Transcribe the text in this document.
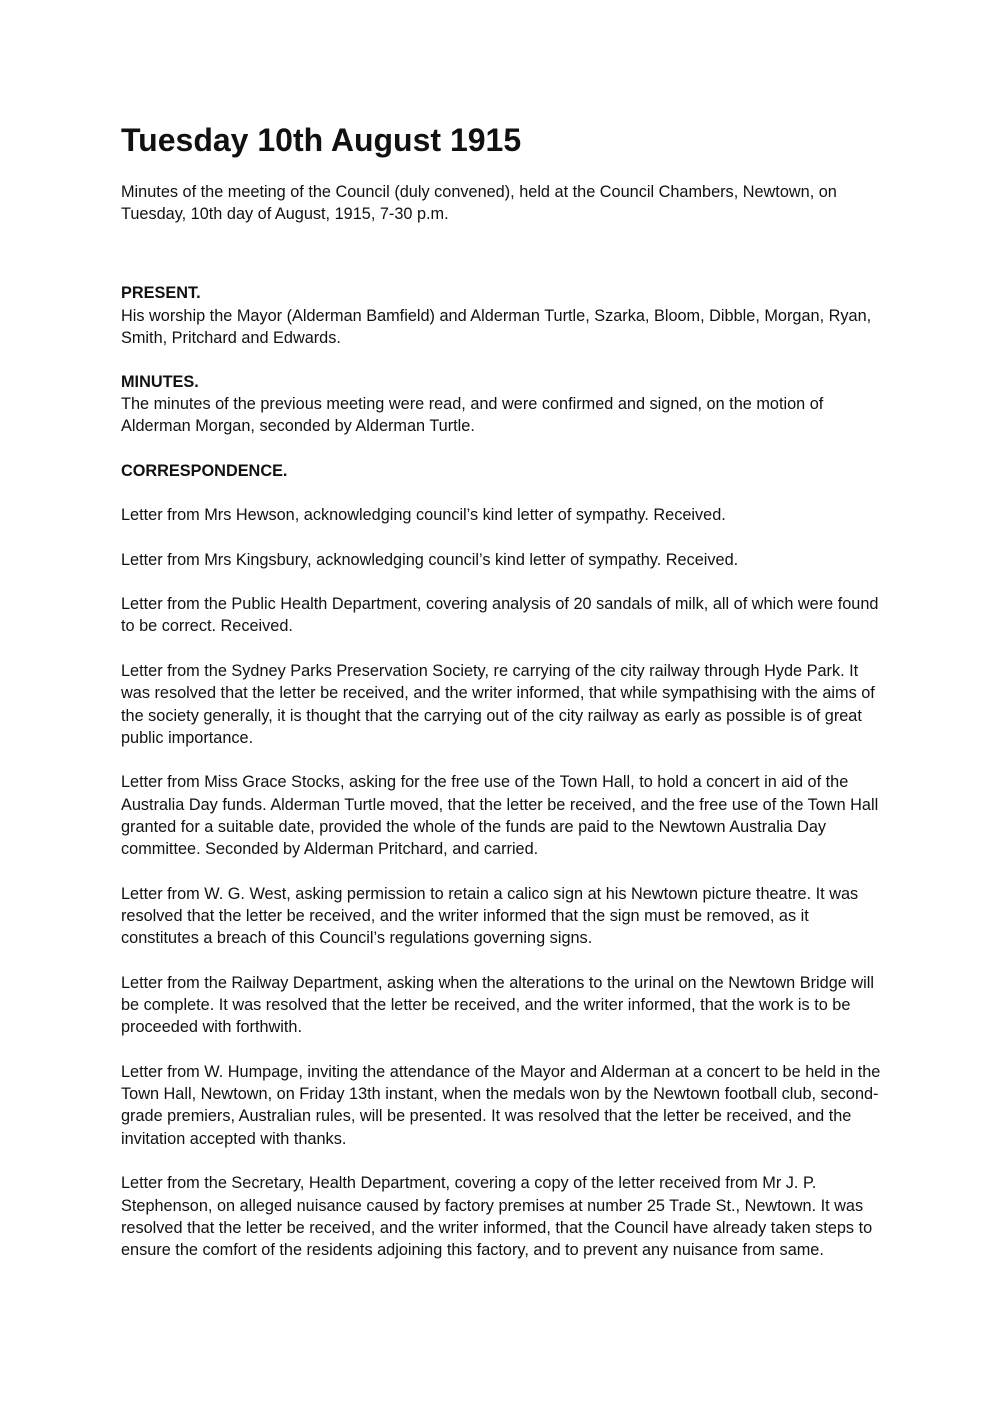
Tuesday 10th August 1915

Minutes of the meeting of the Council (duly convened), held at the Council Chambers, Newtown, on Tuesday, 10th day of August, 1915, 7-30 p.m.

PRESENT.

His worship the Mayor (Alderman Bamfield) and Alderman Turtle, Szarka, Bloom, Dibble, Morgan, Ryan, Smith, Pritchard and Edwards.

MINUTES.

The minutes of the previous meeting were read, and were confirmed and signed, on the motion of Alderman Morgan, seconded by Alderman Turtle.

CORRESPONDENCE.

Letter from Mrs Hewson, acknowledging council’s kind letter of sympathy. Received.

Letter from Mrs Kingsbury, acknowledging council’s kind letter of sympathy. Received.

Letter from the Public Health Department, covering analysis of 20 sandals of milk, all of which were found to be correct. Received.

Letter from the Sydney Parks Preservation Society, re carrying of the city railway through Hyde Park. It was resolved that the letter be received, and the writer informed, that while sympathising with the aims of the society generally, it is thought that the carrying out of the city railway as early as possible is of great public importance.

Letter from Miss Grace Stocks, asking for the free use of the Town Hall, to hold a concert in aid of the Australia Day funds. Alderman Turtle moved, that the letter be received, and the free use of the Town Hall granted for a suitable date, provided the whole of the funds are paid to the Newtown Australia Day committee. Seconded by Alderman Pritchard, and carried.

Letter from W. G. West, asking permission to retain a calico sign at his Newtown picture theatre. It was resolved that the letter be received, and the writer informed that the sign must be removed, as it constitutes a breach of this Council’s regulations governing signs.

Letter from the Railway Department, asking when the alterations to the urinal on the Newtown Bridge will be complete. It was resolved that the letter be received, and the writer informed, that the work is to be proceeded with forthwith.

Letter from W. Humpage, inviting the attendance of the Mayor and Alderman at a concert to be held in the Town Hall, Newtown, on Friday 13th instant, when the medals won by the Newtown football club, second-grade premiers, Australian rules, will be presented. It was resolved that the letter be received, and the invitation accepted with thanks.

Letter from the Secretary, Health Department, covering a copy of the letter received from Mr J. P. Stephenson, on alleged nuisance caused by factory premises at number 25 Trade St., Newtown. It was resolved that the letter be received, and the writer informed, that the Council have already taken steps to ensure the comfort of the residents adjoining this factory, and to prevent any nuisance from same.
